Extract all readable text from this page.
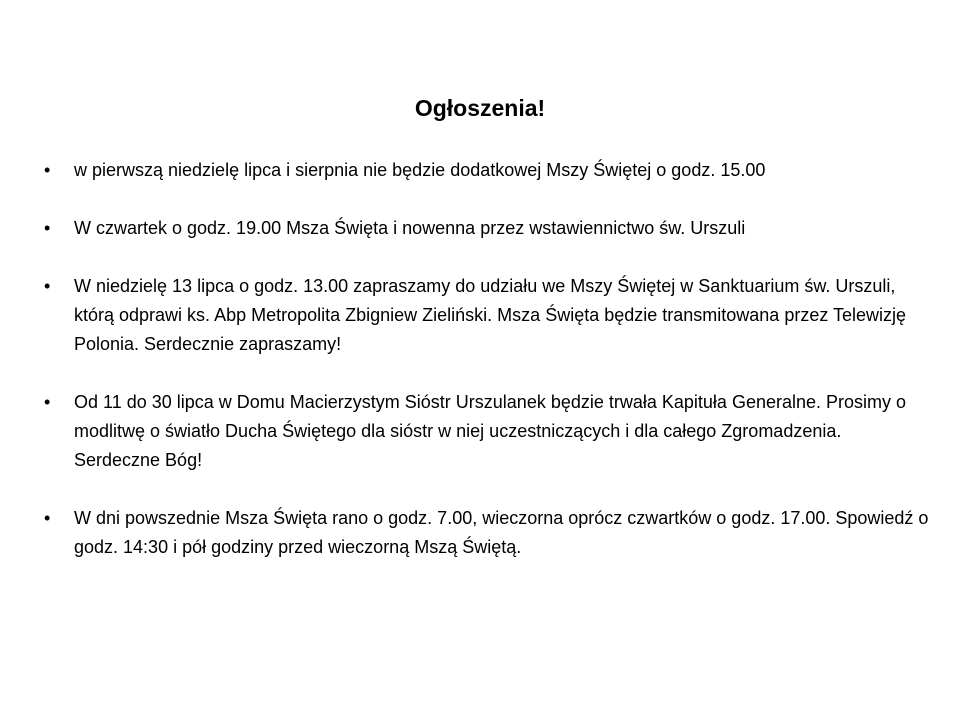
Ogłoszenia!
•	w pierwszą niedzielę lipca i sierpnia nie będzie dodatkowej Mszy Świętej o godz. 15.00
•	W czwartek o godz. 19.00 Msza Święta i nowenna przez wstawiennictwo św. Urszuli
•	W niedzielę 13 lipca o godz. 13.00 zapraszamy do udziału we Mszy Świętej w Sanktuarium św. Urszuli, którą odprawi ks. Abp Metropolita Zbigniew Zieliński. Msza Święta będzie transmitowana przez Telewizję Polonia. Serdecznie zapraszamy!
•	Od 11 do 30 lipca w Domu Macierzystym Sióstr Urszulanek będzie trwała Kapituła Generalne. Prosimy o modlitwę o światło Ducha Świętego dla sióstr w niej uczestniczących i dla całego Zgromadzenia. Serdeczne Bóg!
•	W dni powszednie Msza Święta rano o godz. 7.00, wieczorna oprócz czwartków o godz. 17.00. Spowiedź o godz. 14:30 i pół godziny przed wieczorną Mszą Świętą.
